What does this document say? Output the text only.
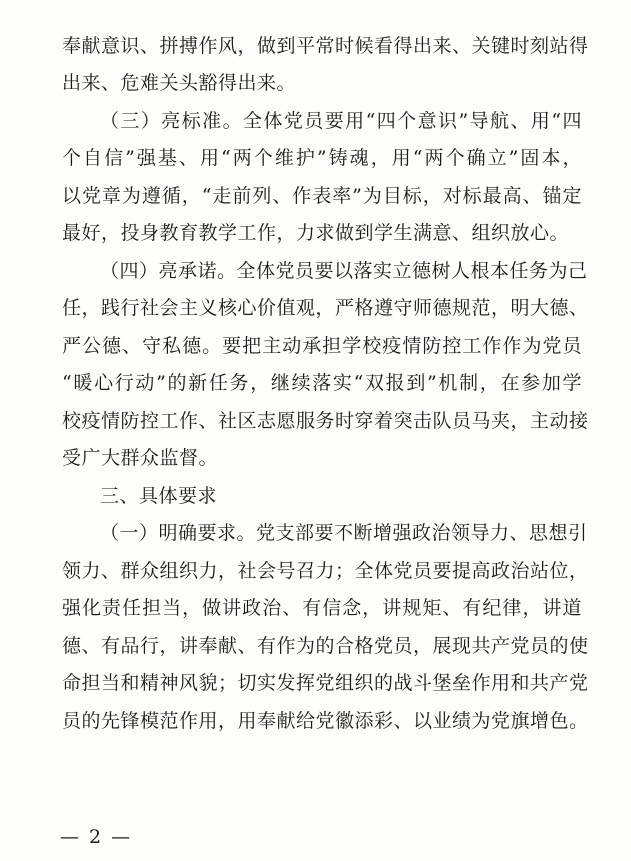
奉献意识、拼搏作风，做到平常时候看得出来、关键时刻站得
出来、危难关头豁得出来。
（三）亮标准。全体党员要用“四个意识”导航、用“四
个自信”强基、用“两个维护”铸魂，用“两个确立”固本，
以党章为遵循，“走前列、作表率”为目标，对标最高、锚定
最好，投身教育教学工作，力求做到学生满意、组织放心。
（四）亮承诺。全体党员要以落实立德树人根本任务为己
任，践行社会主义核心价值观，严格遵守师德规范，明大德、
严公德、守私德。要把主动承担学校疫情防控工作作为党员
“暖心行动”的新任务，继续落实“双报到”机制，在参加学
校疫情防控工作、社区志愿服务时穿着突击队员马夹，主动接
受广大群众监督。
三、具体要求
（一）明确要求。党支部要不断增强政治领导力、思想引
领力、群众组织力，社会号召力；全体党员要提高政治站位，
强化责任担当，做讲政治、有信念，讲规矩、有纪律，讲道
德、有品行，讲奉献、有作为的合格党员，展现共产党员的使
命担当和精神风貌；切实发挥党组织的战斗堡垒作用和共产党
员的先锋模范作用，用奉献给党徽添彩、以业绩为党旗增色。
— 2 —
